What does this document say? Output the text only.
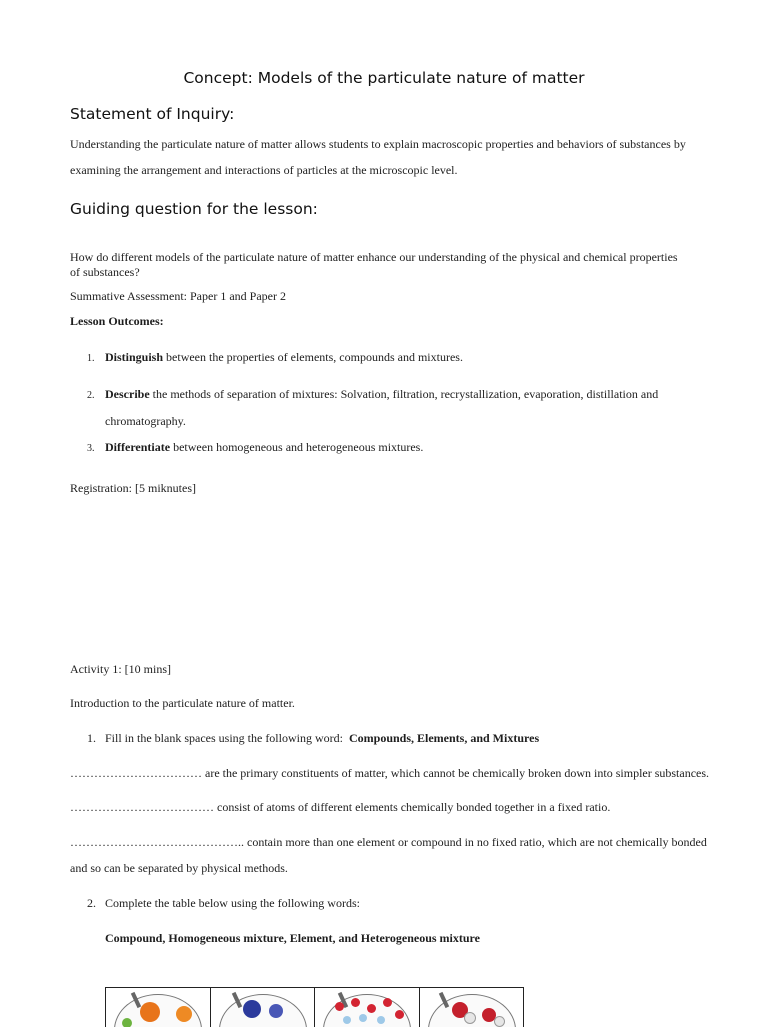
Concept: Models of the particulate nature of matter
Statement of Inquiry:
Understanding the particulate nature of matter allows students to explain macroscopic properties and behaviors of substances by
examining the arrangement and interactions of particles at the microscopic level.
Guiding question for the lesson:
How do different models of the particulate nature of matter enhance our understanding of the physical and chemical properties of substances?
Summative Assessment: Paper 1 and Paper 2
Lesson Outcomes:
1. Distinguish between the properties of elements, compounds and mixtures.
2. Describe the methods of separation of mixtures: Solvation, filtration, recrystallization, evaporation, distillation and
chromatography.
3. Differentiate between homogeneous and heterogeneous mixtures.
Registration: [5 miknutes]
Activity 1: [10 mins]
Introduction to the particulate nature of matter.
1. Fill in the blank spaces using the following word:  Compounds, Elements, and Mixtures
…………………………… are the primary constituents of matter, which cannot be chemically broken down into simpler substances.
……………………………… consist of atoms of different elements chemically bonded together in a fixed ratio.
…………………………………….. contain more than one element or compound in no fixed ratio, which are not chemically bonded
and so can be separated by physical methods.
2. Complete the table below using the following words:
Compound, Homogeneous mixture, Element, and Heterogeneous mixture
